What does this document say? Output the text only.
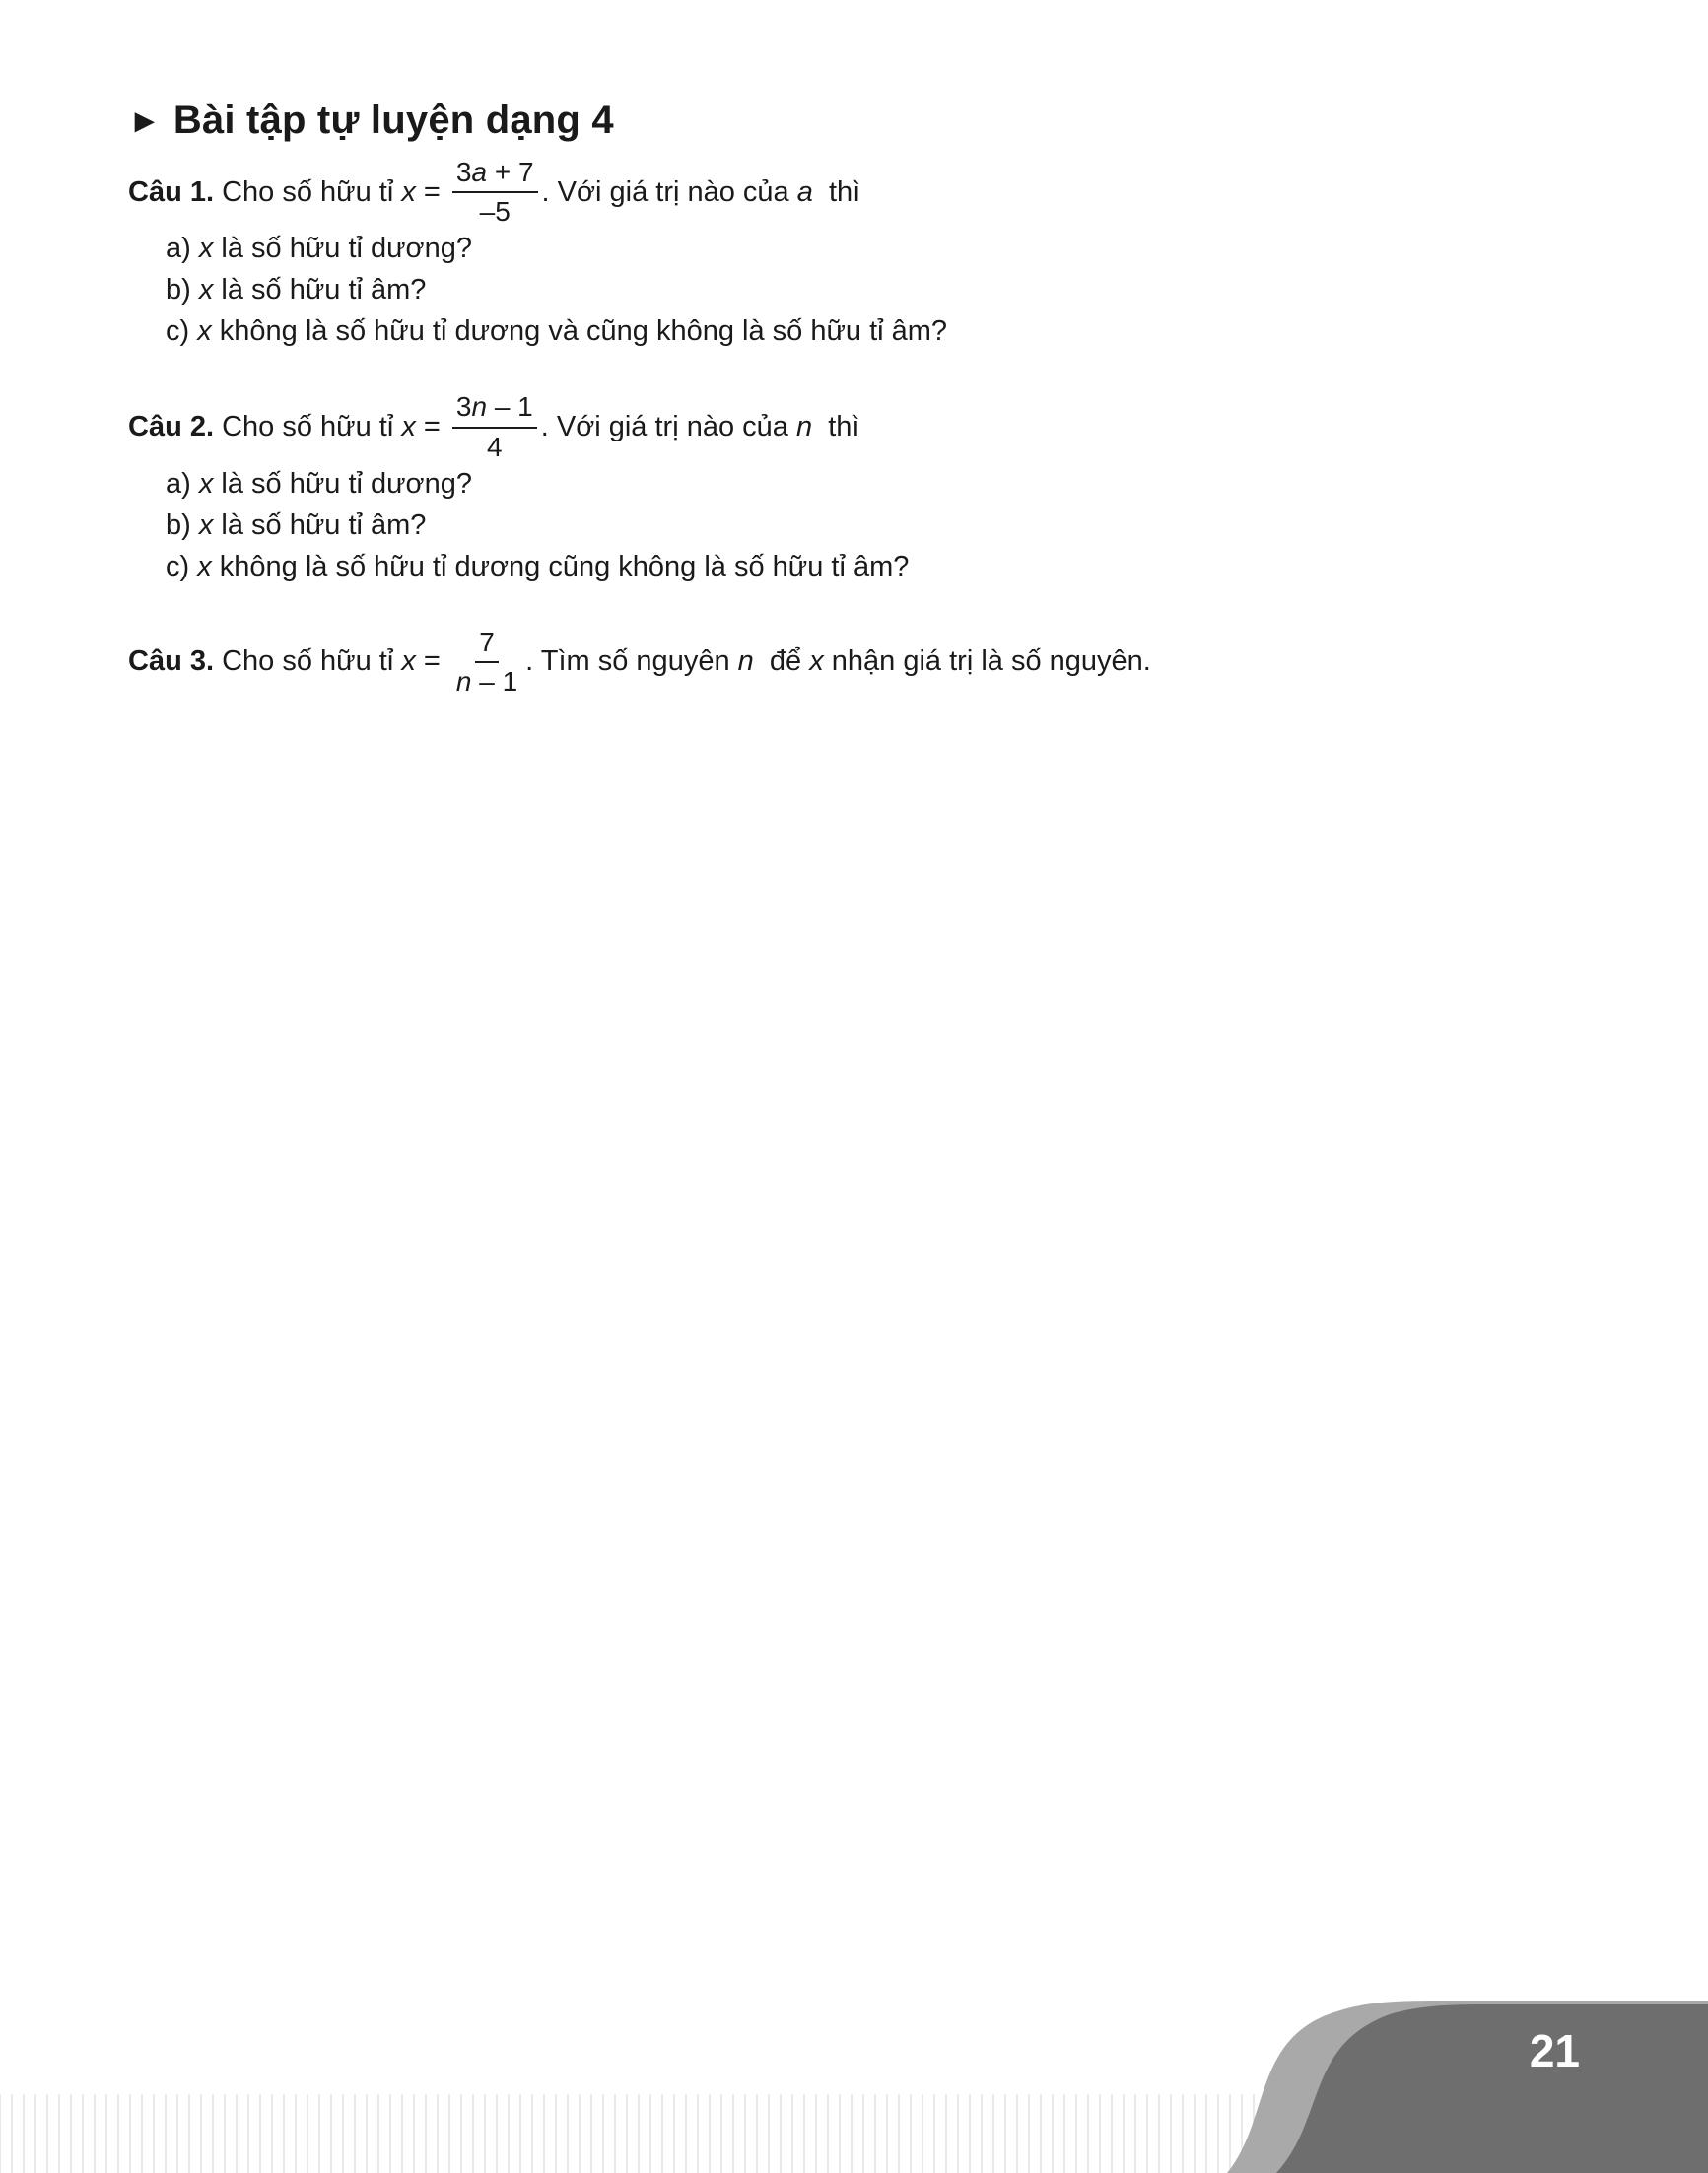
► Bài tập tự luyện dạng 4
Câu 1. Cho số hữu tỉ $x = \frac{3a + 7}{-5}$ . Với giá trị nào của a thì
a) x là số hữu tỉ dương?
b) x là số hữu tỉ âm?
c) x không là số hữu tỉ dương và cũng không là số hữu tỉ âm?
Câu 2. Cho số hữu tỉ $x = \frac{3n - 1}{4}$ . Với giá trị nào của n thì
a) x là số hữu tỉ dương?
b) x là số hữu tỉ âm?
c) x không là số hữu tỉ dương cũng không là số hữu tỉ âm?
Câu 3. Cho số hữu tỉ $x = \frac{7}{n - 1}$ . Tìm số nguyên n để x nhận giá trị là số nguyên.
21
